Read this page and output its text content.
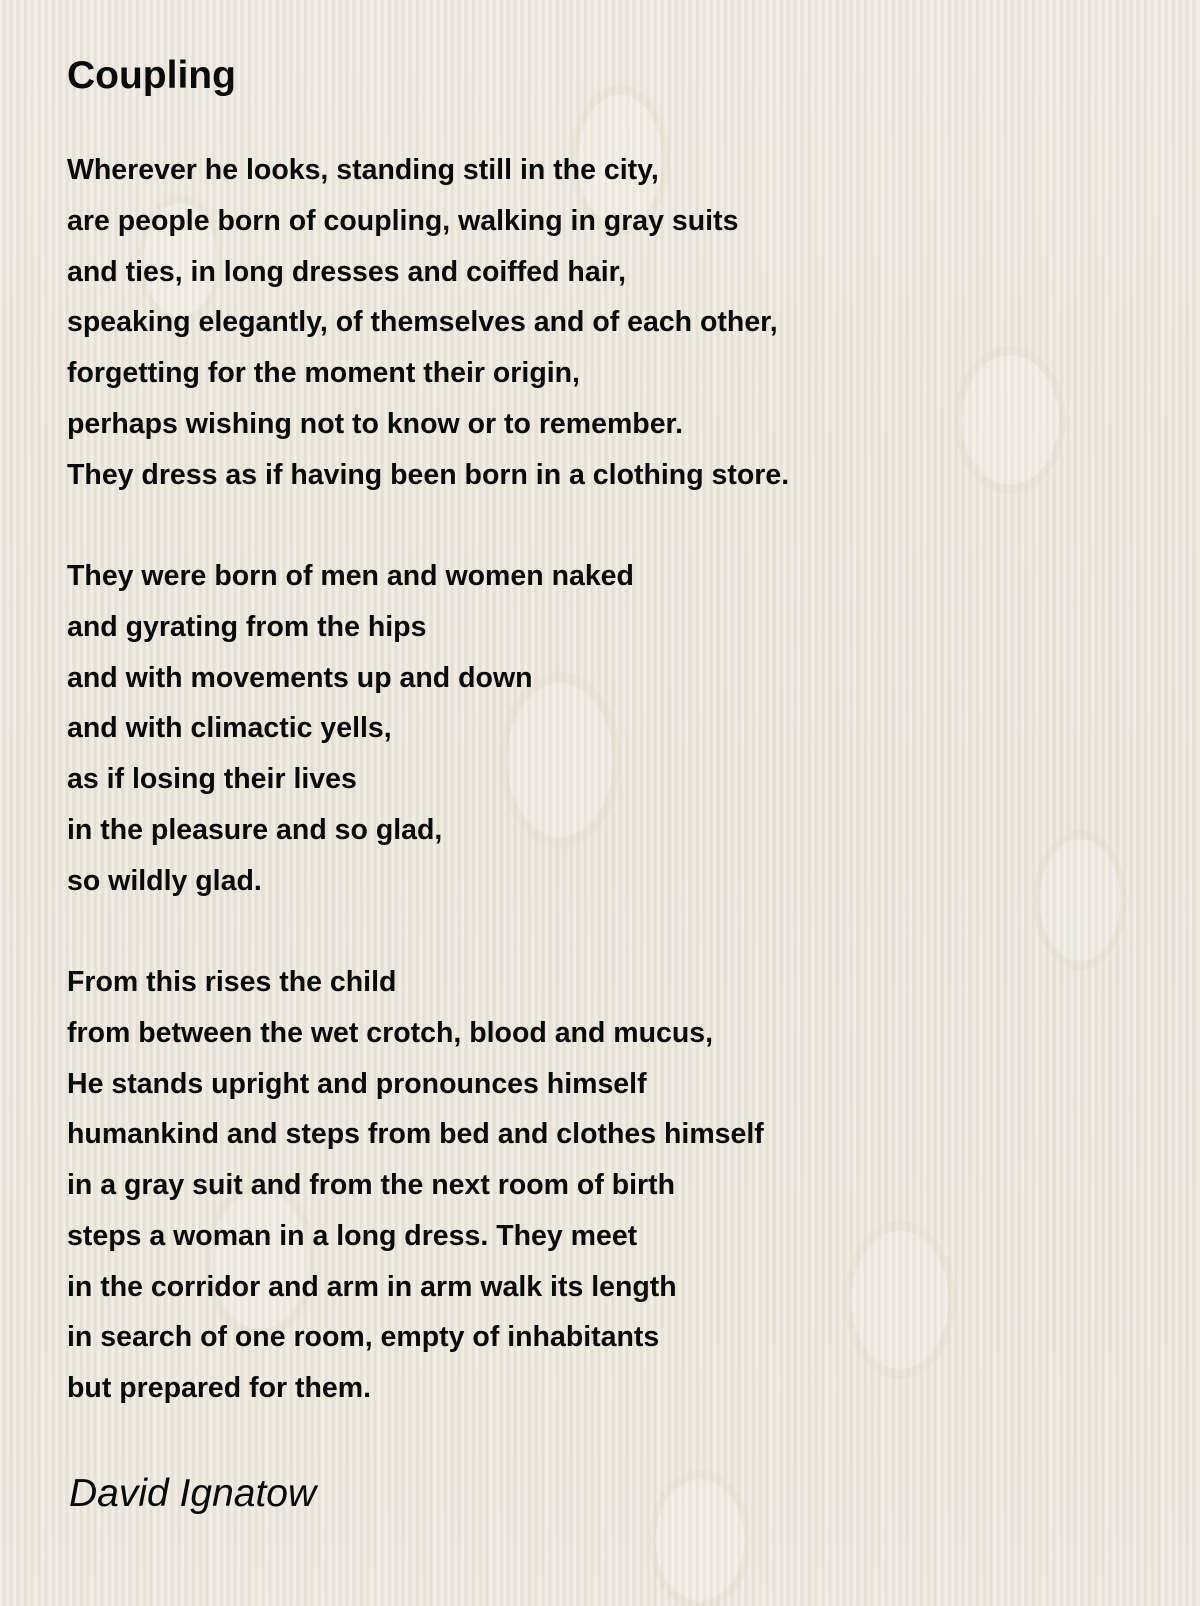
Coupling
Wherever he looks, standing still in the city,
are people born of coupling, walking in gray suits
and ties, in long dresses and coiffed hair,
speaking elegantly, of themselves and of each other,
forgetting for the moment their origin,
perhaps wishing not to know or to remember.
They dress as if having been born in a clothing store.
They were born of men and women naked
and gyrating from the hips
and with movements up and down
and with climactic yells,
as if losing their lives
in the pleasure and so glad,
so wildly glad.
From this rises the child
from between the wet crotch, blood and mucus,
He stands upright and pronounces himself
humankind and steps from bed and clothes himself
in a gray suit and from the next room of birth
steps a woman in a long dress. They meet
in the corridor and arm in arm walk its length
in search of one room, empty of inhabitants
but prepared for them.

David Ignatow
